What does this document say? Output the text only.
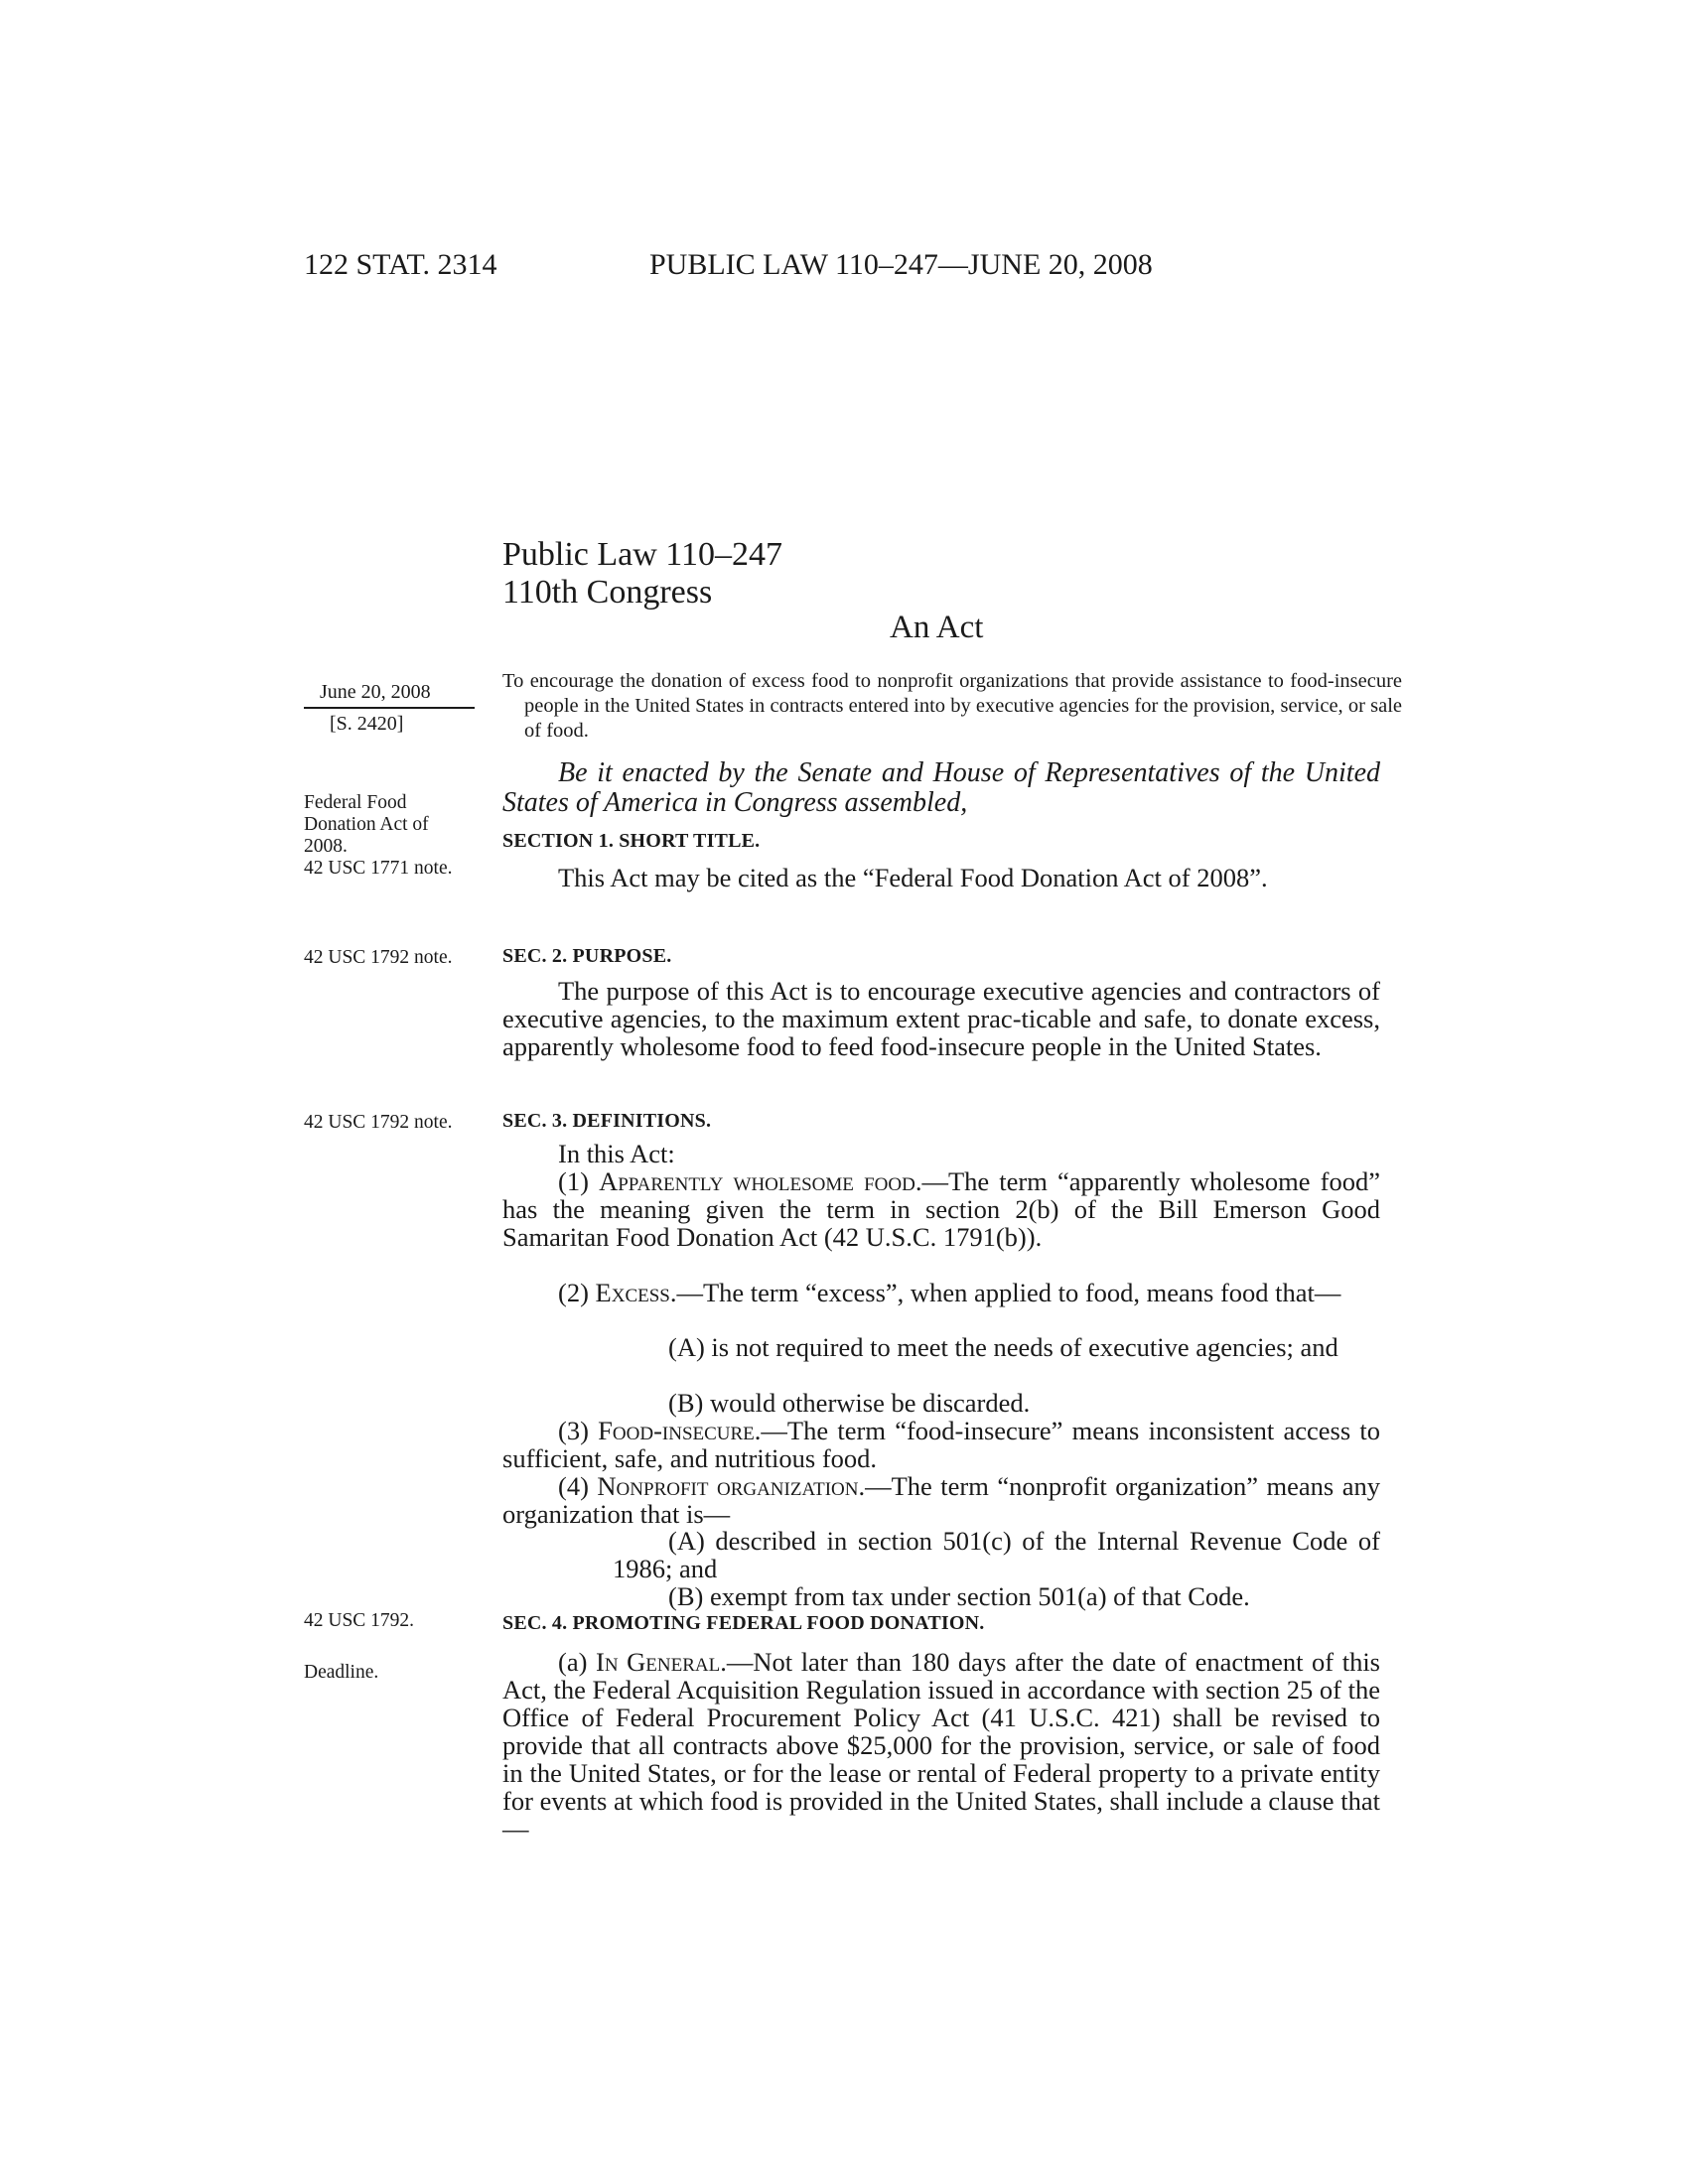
122 STAT. 2314	PUBLIC LAW 110–247—JUNE 20, 2008
Public Law 110–247
110th Congress
An Act
June 20, 2008
[S. 2420]
To encourage the donation of excess food to nonprofit organizations that provide assistance to food-insecure people in the United States in contracts entered into by executive agencies for the provision, service, or sale of food.
Be it enacted by the Senate and House of Representatives of the United States of America in Congress assembled,
Federal Food Donation Act of 2008.
42 USC 1771 note.
42 USC 1792 note.
42 USC 1792 note.
42 USC 1792.
Deadline.
SECTION 1. SHORT TITLE.
This Act may be cited as the “Federal Food Donation Act of 2008”.
SEC. 2. PURPOSE.
The purpose of this Act is to encourage executive agencies and contractors of executive agencies, to the maximum extent prac-ticable and safe, to donate excess, apparently wholesome food to feed food-insecure people in the United States.
SEC. 3. DEFINITIONS.
In this Act:
(1) Apparently wholesome food.—The term “apparently wholesome food” has the meaning given the term in section 2(b) of the Bill Emerson Good Samaritan Food Donation Act (42 U.S.C. 1791(b)).
(2) Excess.—The term “excess”, when applied to food, means food that—
(A) is not required to meet the needs of executive agencies; and
(B) would otherwise be discarded.
(3) Food-insecure.—The term “food-insecure” means inconsistent access to sufficient, safe, and nutritious food.
(4) Nonprofit organization.—The term “nonprofit organization” means any organization that is—
(A) described in section 501(c) of the Internal Revenue Code of 1986; and
(B) exempt from tax under section 501(a) of that Code.
SEC. 4. PROMOTING FEDERAL FOOD DONATION.
(a) In General.—Not later than 180 days after the date of enactment of this Act, the Federal Acquisition Regulation issued in accordance with section 25 of the Office of Federal Procurement Policy Act (41 U.S.C. 421) shall be revised to provide that all contracts above $25,000 for the provision, service, or sale of food in the United States, or for the lease or rental of Federal property to a private entity for events at which food is provided in the United States, shall include a clause that—
